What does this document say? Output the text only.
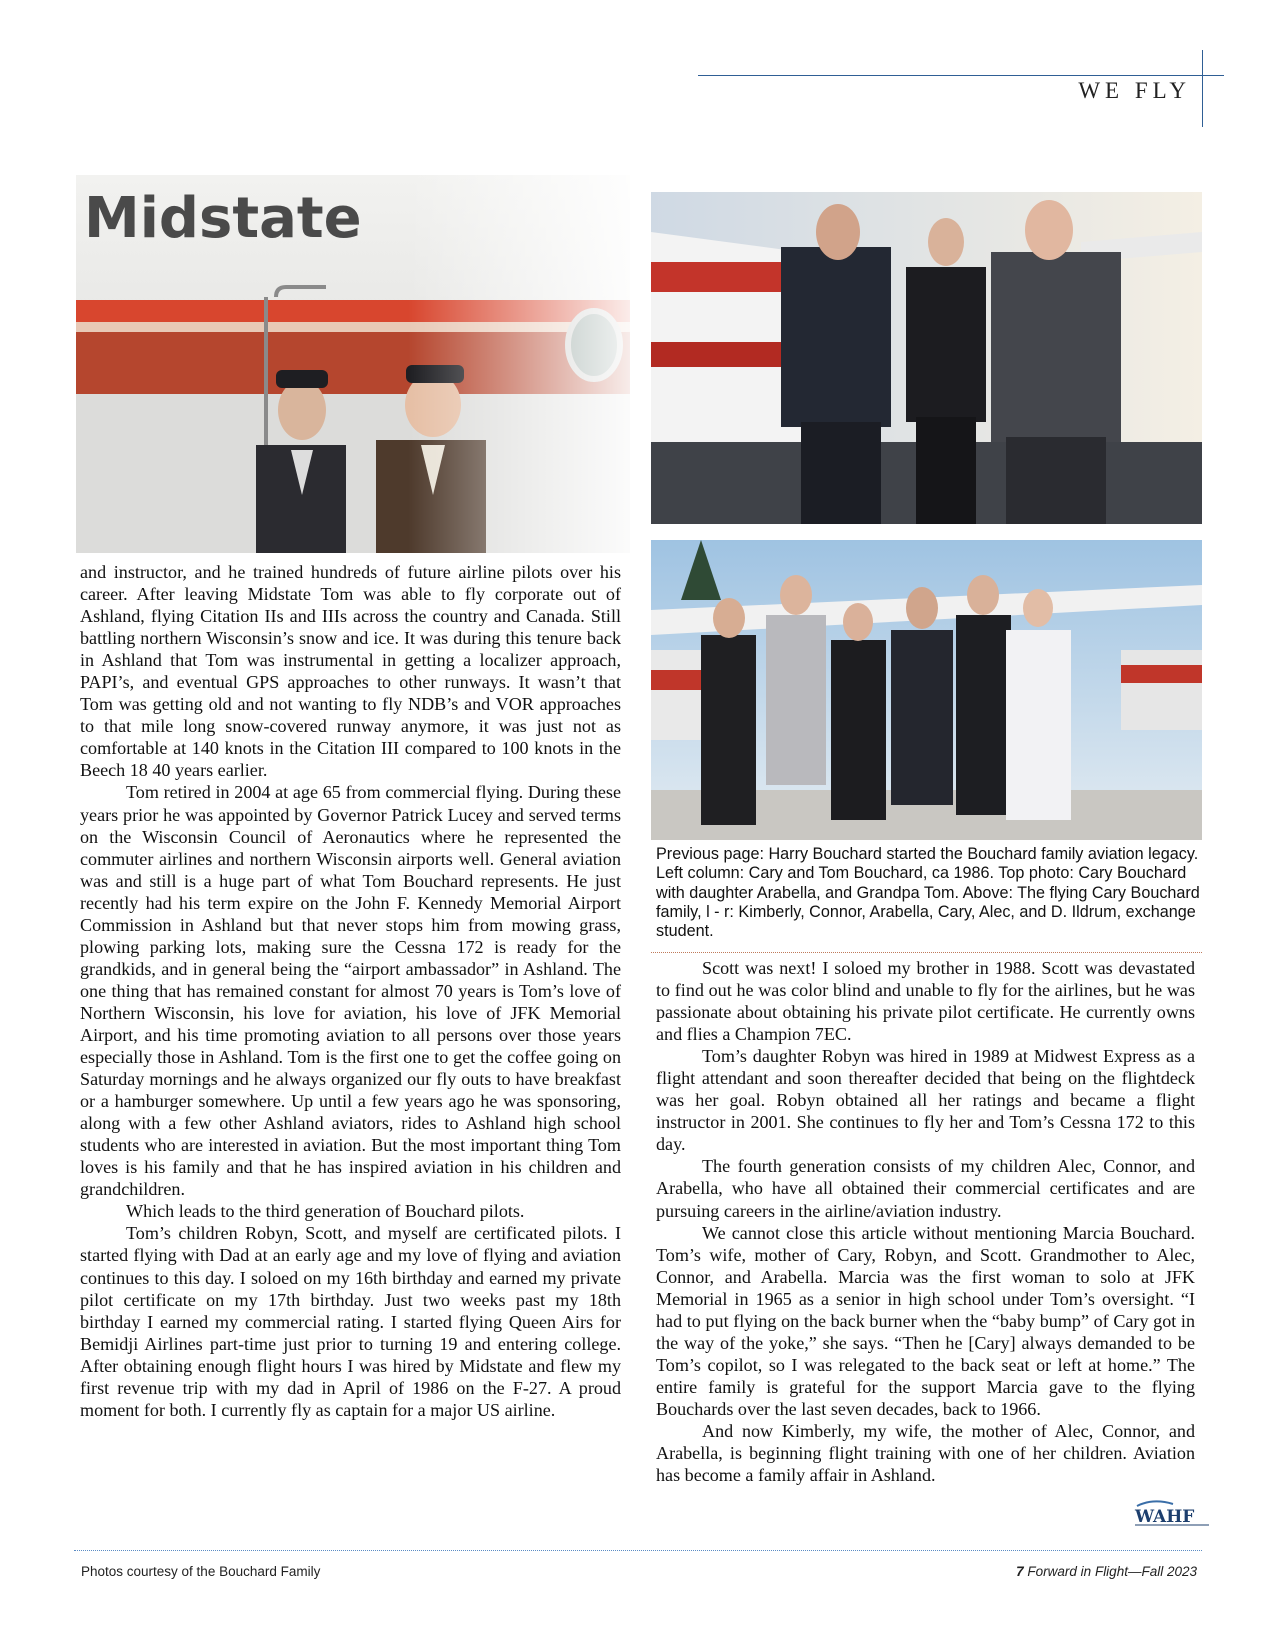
WE FLY
Previous page: Harry Bouchard started the Bouchard family aviation legacy. Left column: Cary and Tom Bouchard, ca 1986. Top photo: Cary Bouchard with daughter Arabella, and Grandpa Tom. Above: The flying Cary Bouchard family, l - r: Kimberly, Connor, Arabella, Cary, Alec, and D. Ildrum, exchange student.

and instructor, and he trained hundreds of future airline pilots over his career. After leaving Midstate Tom was able to fly corporate out of Ashland, flying Citation IIs and IIIs across the country and Canada. Still battling northern Wisconsin’s snow and ice. It was during this tenure back in Ashland that Tom was instrumental in getting a localizer approach, PAPI’s, and eventual GPS approaches to other runways. It wasn’t that Tom was getting old and not wanting to fly NDB’s and VOR approaches to that mile long snow-covered runway anymore, it was just not as comfortable at 140 knots in the Citation III compared to 100 knots in the Beech 18 40 years earlier.

Tom retired in 2004 at age 65 from commercial flying. During these years prior he was appointed by Governor Patrick Lucey and served terms on the Wisconsin Council of Aeronautics where he represented the commuter airlines and northern Wisconsin airports well. General aviation was and still is a huge part of what Tom Bouchard represents. He just recently had his term expire on the John F. Kennedy Memorial Airport Commission in Ashland but that never stops him from mowing grass, plowing parking lots, making sure the Cessna 172 is ready for the grandkids, and in general being the “airport ambassador” in Ashland. The one thing that has remained constant for almost 70 years is Tom’s love of Northern Wisconsin, his love for aviation, his love of JFK Memorial Airport, and his time promoting aviation to all persons over those years especially those in Ashland. Tom is the first one to get the coffee going on Saturday mornings and he always organized our fly outs to have breakfast or a hamburger somewhere. Up until a few years ago he was sponsoring, along with a few other Ashland aviators, rides to Ashland high school students who are interested in aviation. But the most important thing Tom loves is his family and that he has inspired aviation in his children and grandchildren.

Which leads to the third generation of Bouchard pilots.

Tom’s children Robyn, Scott, and myself are certificated pilots. I started flying with Dad at an early age and my love of flying and aviation continues to this day. I soloed on my 16th birthday and earned my private pilot certificate on my 17th birthday. Just two weeks past my 18th birthday I earned my commercial rating. I started flying Queen Airs for Bemidji Airlines part-time just prior to turning 19 and entering college. After obtaining enough flight hours I was hired by Midstate and flew my first revenue trip with my dad in April of 1986 on the F-27. A proud moment for both. I currently fly as captain for a major US airline.

Scott was next! I soloed my brother in 1988. Scott was devastated to find out he was color blind and unable to fly for the airlines, but he was passionate about obtaining his private pilot certificate. He currently owns and flies a Champion 7EC.

Tom’s daughter Robyn was hired in 1989 at Midwest Express as a flight attendant and soon thereafter decided that being on the flightdeck was her goal. Robyn obtained all her ratings and became a flight instructor in 2001. She continues to fly her and Tom’s Cessna 172 to this day.

The fourth generation consists of my children Alec, Connor, and Arabella, who have all obtained their commercial certificates and are pursuing careers in the airline/aviation industry.

We cannot close this article without mentioning Marcia Bouchard. Tom’s wife, mother of Cary, Robyn, and Scott. Grandmother to Alec, Connor, and Arabella. Marcia was the first woman to solo at JFK Memorial in 1965 as a senior in high school under Tom’s oversight. “I had to put flying on the back burner when the “baby bump” of Cary got in the way of the yoke,” she says. “Then he [Cary] always demanded to be Tom’s copilot, so I was relegated to the back seat or left at home.” The entire family is grateful for the support Marcia gave to the flying Bouchards over the last seven decades, back to 1966.

And now Kimberly, my wife, the mother of Alec, Connor, and Arabella, is beginning flight training with one of her children. Aviation has become a family affair in Ashland.

WAHF
Photos courtesy of the Bouchard Family	7 Forward in Flight—Fall 2023
